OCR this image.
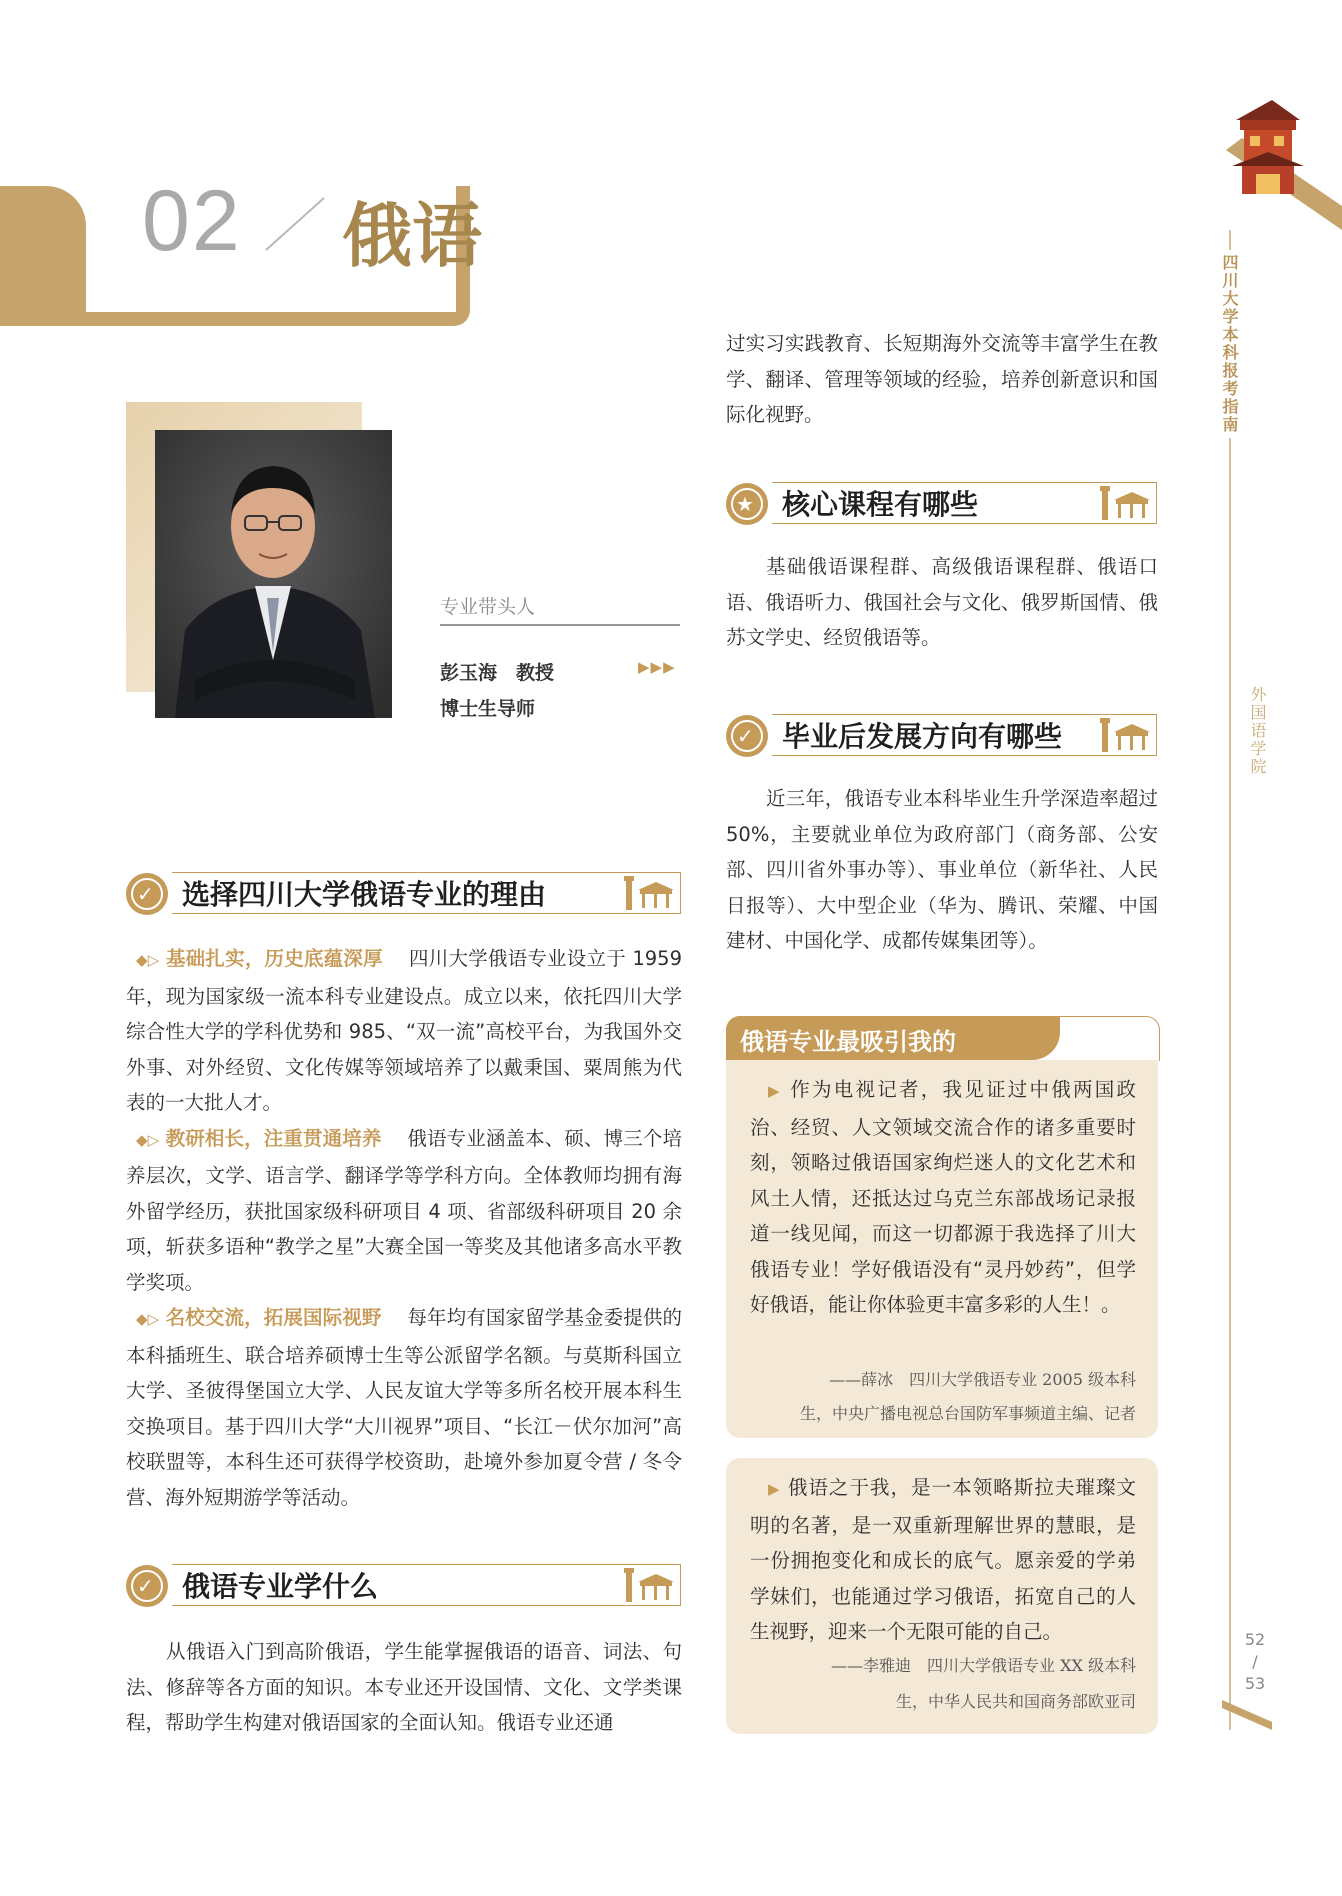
02 俄语
四川大学本科报考指南
外国语学院
52
/
53
专业带头人
彭玉海　教授
博士生导师
▶▶▶
✓ 选择四川大学俄语专业的理由
◆▷ 基础扎实，历史底蕴深厚 　 四川大学俄语专业设立于 1959 年，现为国家级一流本科专业建设点。成立以来，依托四川大学综合性大学的学科优势和 985、“双一流”高校平台，为我国外交外事、对外经贸、文化传媒等领域培养了以戴秉国、粟周熊为代表的一大批人才。
◆▷ 教研相长，注重贯通培养 　 俄语专业涵盖本、硕、博三个培养层次，文学、语言学、翻译学等学科方向。全体教师均拥有海外留学经历，获批国家级科研项目 4 项、省部级科研项目 20 余项，斩获多语种“教学之星”大赛全国一等奖及其他诸多高水平教学奖项。
◆▷ 名校交流，拓展国际视野 　 每年均有国家留学基金委提供的本科插班生、联合培养硕博士生等公派留学名额。与莫斯科国立大学、圣彼得堡国立大学、人民友谊大学等多所名校开展本科生交换项目。基于四川大学“大川视界”项目、“长江－伏尔加河”高校联盟等，本科生还可获得学校资助，赴境外参加夏令营 / 冬令营、海外短期游学等活动。
✓ 俄语专业学什么
从俄语入门到高阶俄语，学生能掌握俄语的语音、词法、句法、修辞等各方面的知识。本专业还开设国情、文化、文学类课程，帮助学生构建对俄语国家的全面认知。俄语专业还通
过实习实践教育、长短期海外交流等丰富学生在教学、翻译、管理等领域的经验，培养创新意识和国际化视野。
★ 核心课程有哪些
基础俄语课程群、高级俄语课程群、俄语口语、俄语听力、俄国社会与文化、俄罗斯国情、俄苏文学史、经贸俄语等。
✓ 毕业后发展方向有哪些
近三年，俄语专业本科毕业生升学深造率超过 50%，主要就业单位为政府部门（商务部、公安部、四川省外事办等）、事业单位（新华社、人民日报等）、大中型企业（华为、腾讯、荣耀、中国建材、中国化学、成都传媒集团等）。
俄语专业最吸引我的
▶ 作为电视记者，我见证过中俄两国政治、经贸、人文领域交流合作的诸多重要时刻，领略过俄语国家绚烂迷人的文化艺术和风土人情，还抵达过乌克兰东部战场记录报道一线见闻，而这一切都源于我选择了川大俄语专业！学好俄语没有“灵丹妙药”，但学好俄语，能让你体验更丰富多彩的人生！。
——薛冰　四川大学俄语专业 2005 级本科
生，中央广播电视总台国防军事频道主编、记者
▶ 俄语之于我，是一本领略斯拉夫璀璨文明的名著，是一双重新理解世界的慧眼，是一份拥抱变化和成长的底气。愿亲爱的学弟学妹们，也能通过学习俄语，拓宽自己的人生视野，迎来一个无限可能的自己。
——李雅迪　四川大学俄语专业 XX 级本科
生，中华人民共和国商务部欧亚司
